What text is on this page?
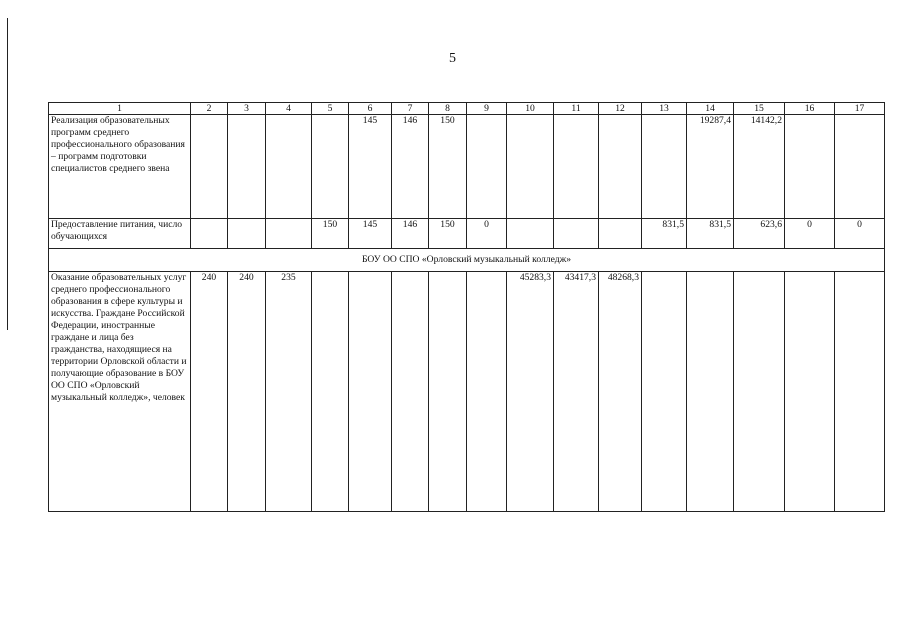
5
1	2	3	4	5	6	7	8	9	10	11	12	13	14	15	16	17
Реализация образовательных программ среднего профессионального образования – программ подготовки специалистов среднего звена					145	146	150						19287,4	14142,2		
Предоставление питания, число обучающихся				150	145	146	150	0				831,5	831,5	623,6	0	0
БОУ ОО СПО «Орловский музыкальный колледж»																
Оказание образовательных услуг среднего профессионального образования в сфере культуры и искусства. Граждане Российской Федерации, иностранные граждане и лица без гражданства, находящиеся на территории Орловской области и получающие образование в БОУ ОО СПО «Орловский музыкальный колледж», человек	240	240	235						45283,3	43417,3	48268,3					
